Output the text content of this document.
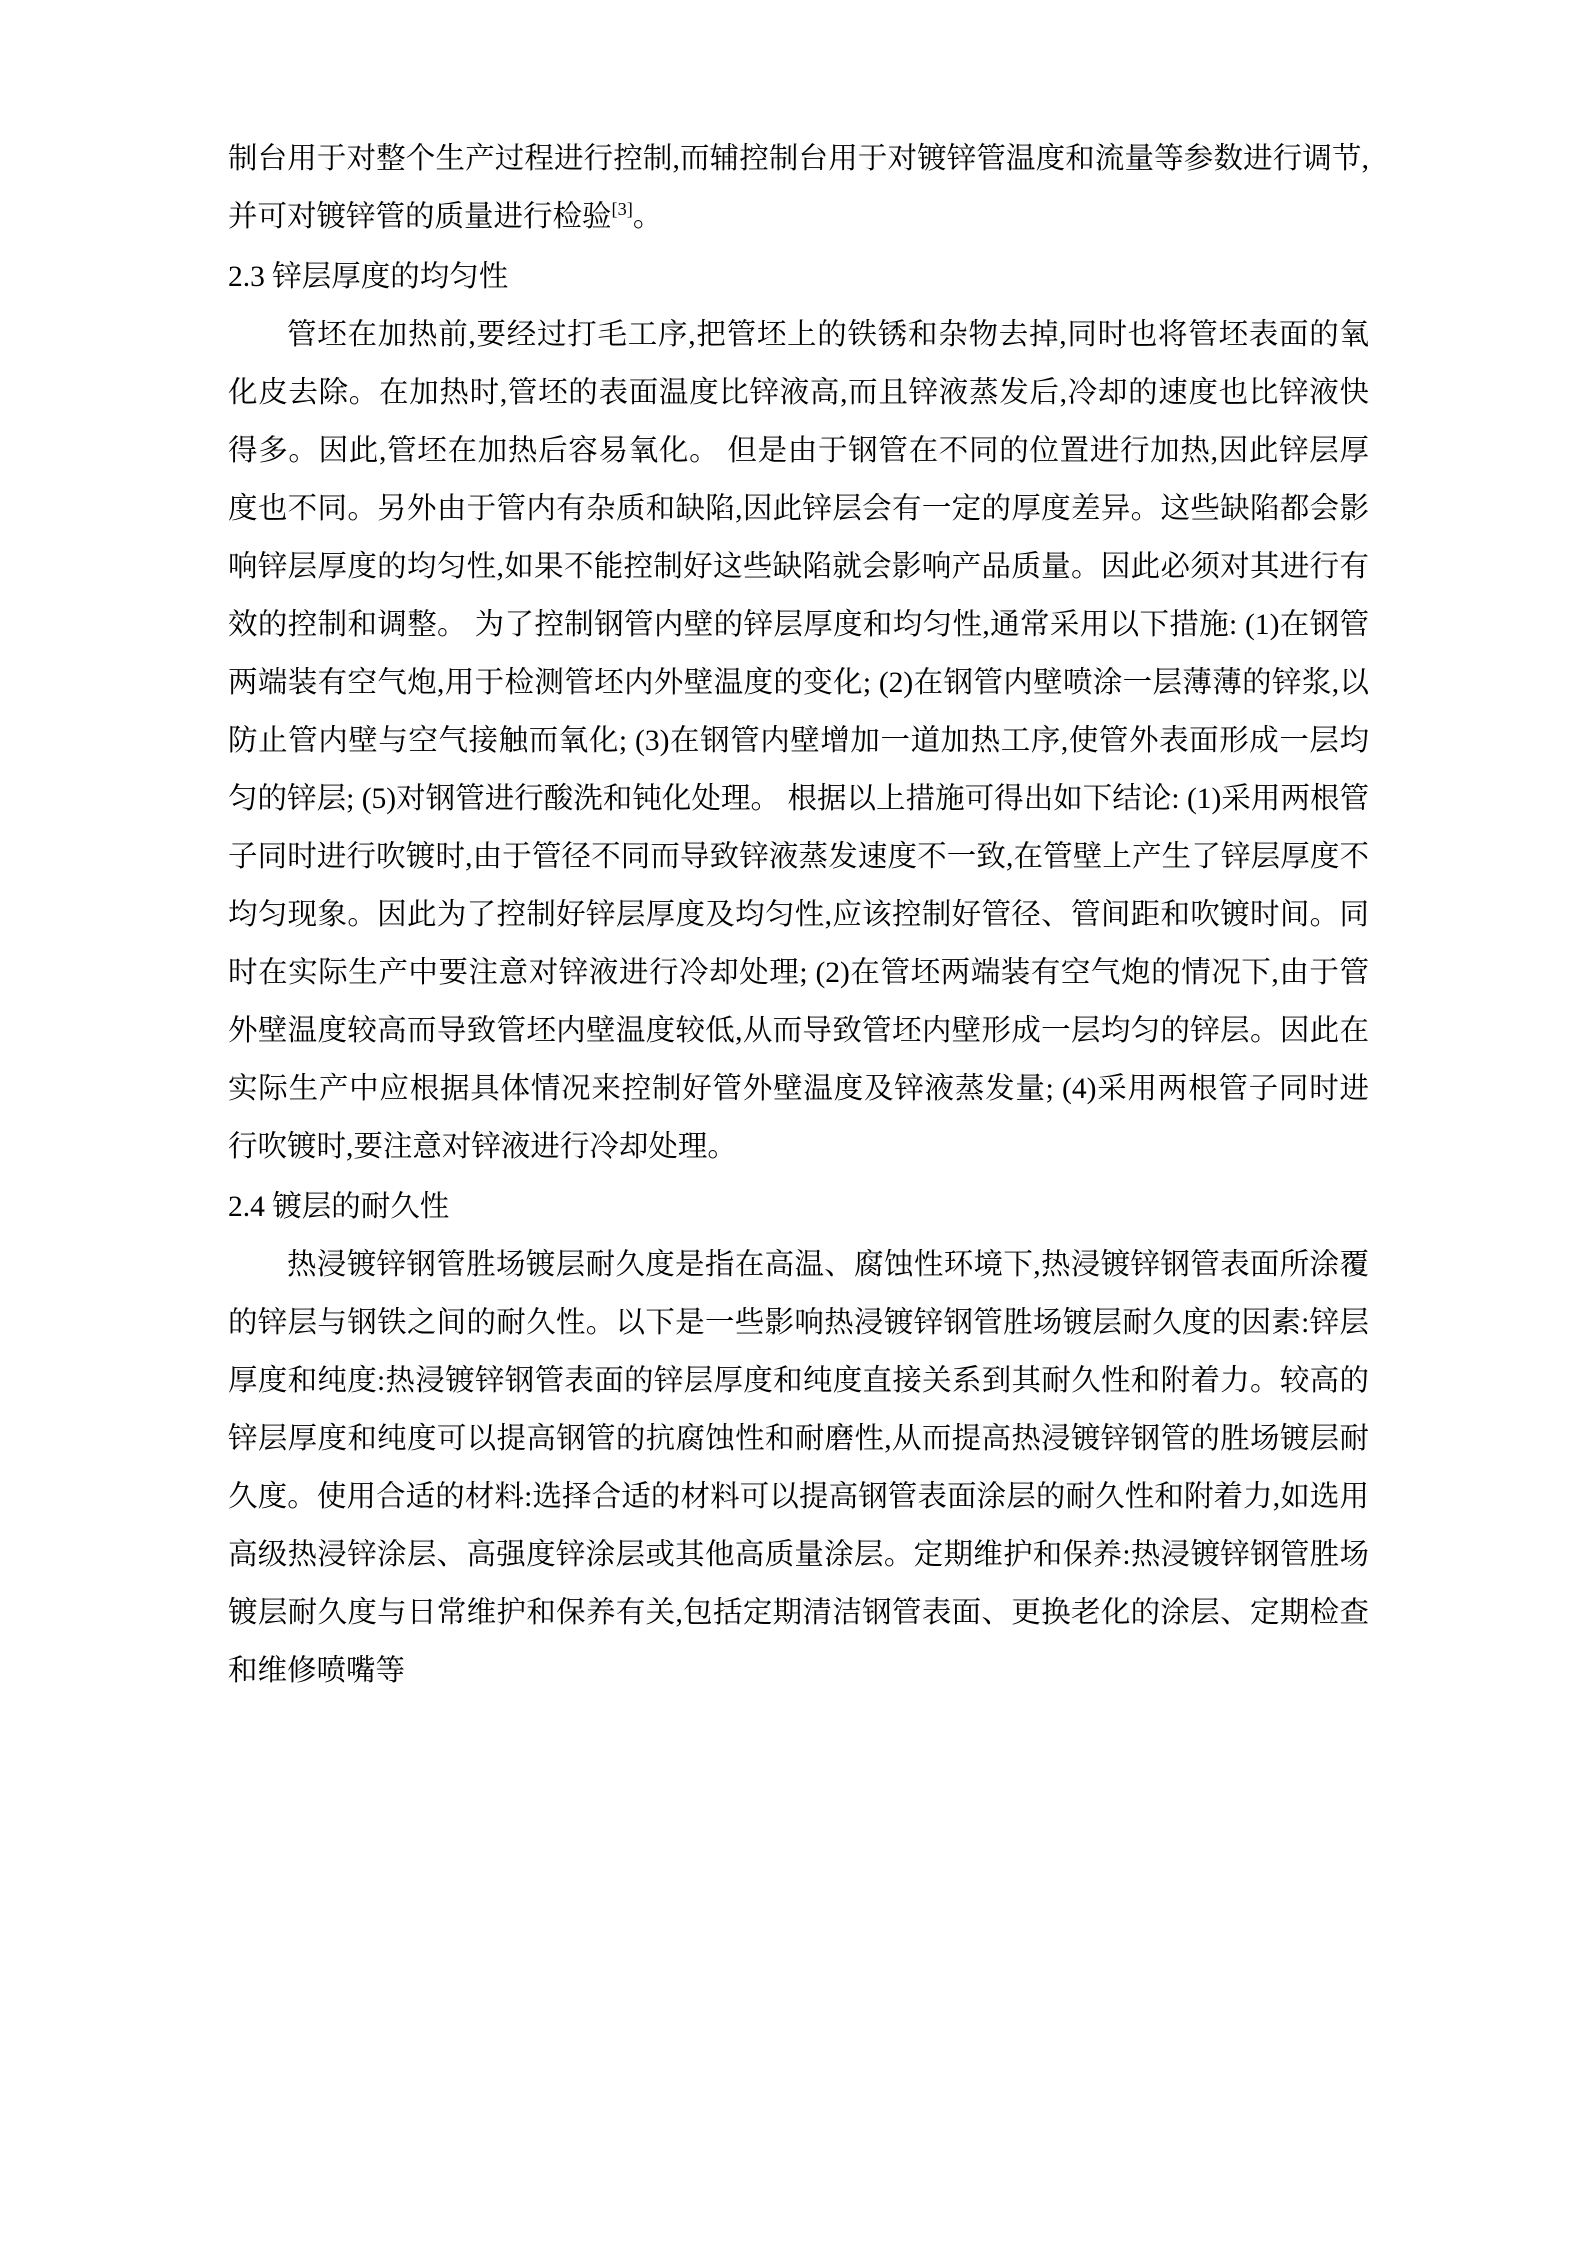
制台用于对整个生产过程进行控制,而辅控制台用于对镀锌管温度和流量等参数进行调节,并可对镀锌管的质量进行检验[3]。

2.3 锌层厚度的均匀性

管坯在加热前,要经过打毛工序,把管坯上的铁锈和杂物去掉,同时也将管坯表面的氧化皮去除。在加热时,管坯的表面温度比锌液高,而且锌液蒸发后,冷却的速度也比锌液快得多。因此,管坯在加热后容易氧化。 但是由于钢管在不同的位置进行加热,因此锌层厚度也不同。另外由于管内有杂质和缺陷,因此锌层会有一定的厚度差异。这些缺陷都会影响锌层厚度的均匀性,如果不能控制好这些缺陷就会影响产品质量。因此必须对其进行有效的控制和调整。 为了控制钢管内壁的锌层厚度和均匀性,通常采用以下措施: (1)在钢管两端装有空气炮,用于检测管坯内外壁温度的变化; (2)在钢管内壁喷涂一层薄薄的锌浆,以防止管内壁与空气接触而氧化; (3)在钢管内壁增加一道加热工序,使管外表面形成一层均匀的锌层; (5)对钢管进行酸洗和钝化处理。 根据以上措施可得出如下结论: (1)采用两根管子同时进行吹镀时,由于管径不同而导致锌液蒸发速度不一致,在管壁上产生了锌层厚度不均匀现象。因此为了控制好锌层厚度及均匀性,应该控制好管径、管间距和吹镀时间。同时在实际生产中要注意对锌液进行冷却处理; (2)在管坯两端装有空气炮的情况下,由于管外壁温度较高而导致管坯内壁温度较低,从而导致管坯内壁形成一层均匀的锌层。因此在实际生产中应根据具体情况来控制好管外壁温度及锌液蒸发量; (4)采用两根管子同时进行吹镀时,要注意对锌液进行冷却处理。

2.4 镀层的耐久性

热浸镀锌钢管胜场镀层耐久度是指在高温、腐蚀性环境下,热浸镀锌钢管表面所涂覆的锌层与钢铁之间的耐久性。以下是一些影响热浸镀锌钢管胜场镀层耐久度的因素:锌层厚度和纯度:热浸镀锌钢管表面的锌层厚度和纯度直接关系到其耐久性和附着力。较高的锌层厚度和纯度可以提高钢管的抗腐蚀性和耐磨性,从而提高热浸镀锌钢管的胜场镀层耐久度。使用合适的材料:选择合适的材料可以提高钢管表面涂层的耐久性和附着力,如选用高级热浸锌涂层、高强度锌涂层或其他高质量涂层。定期维护和保养:热浸镀锌钢管胜场镀层耐久度与日常维护和保养有关,包括定期清洁钢管表面、更换老化的涂层、定期检查和维修喷嘴等
